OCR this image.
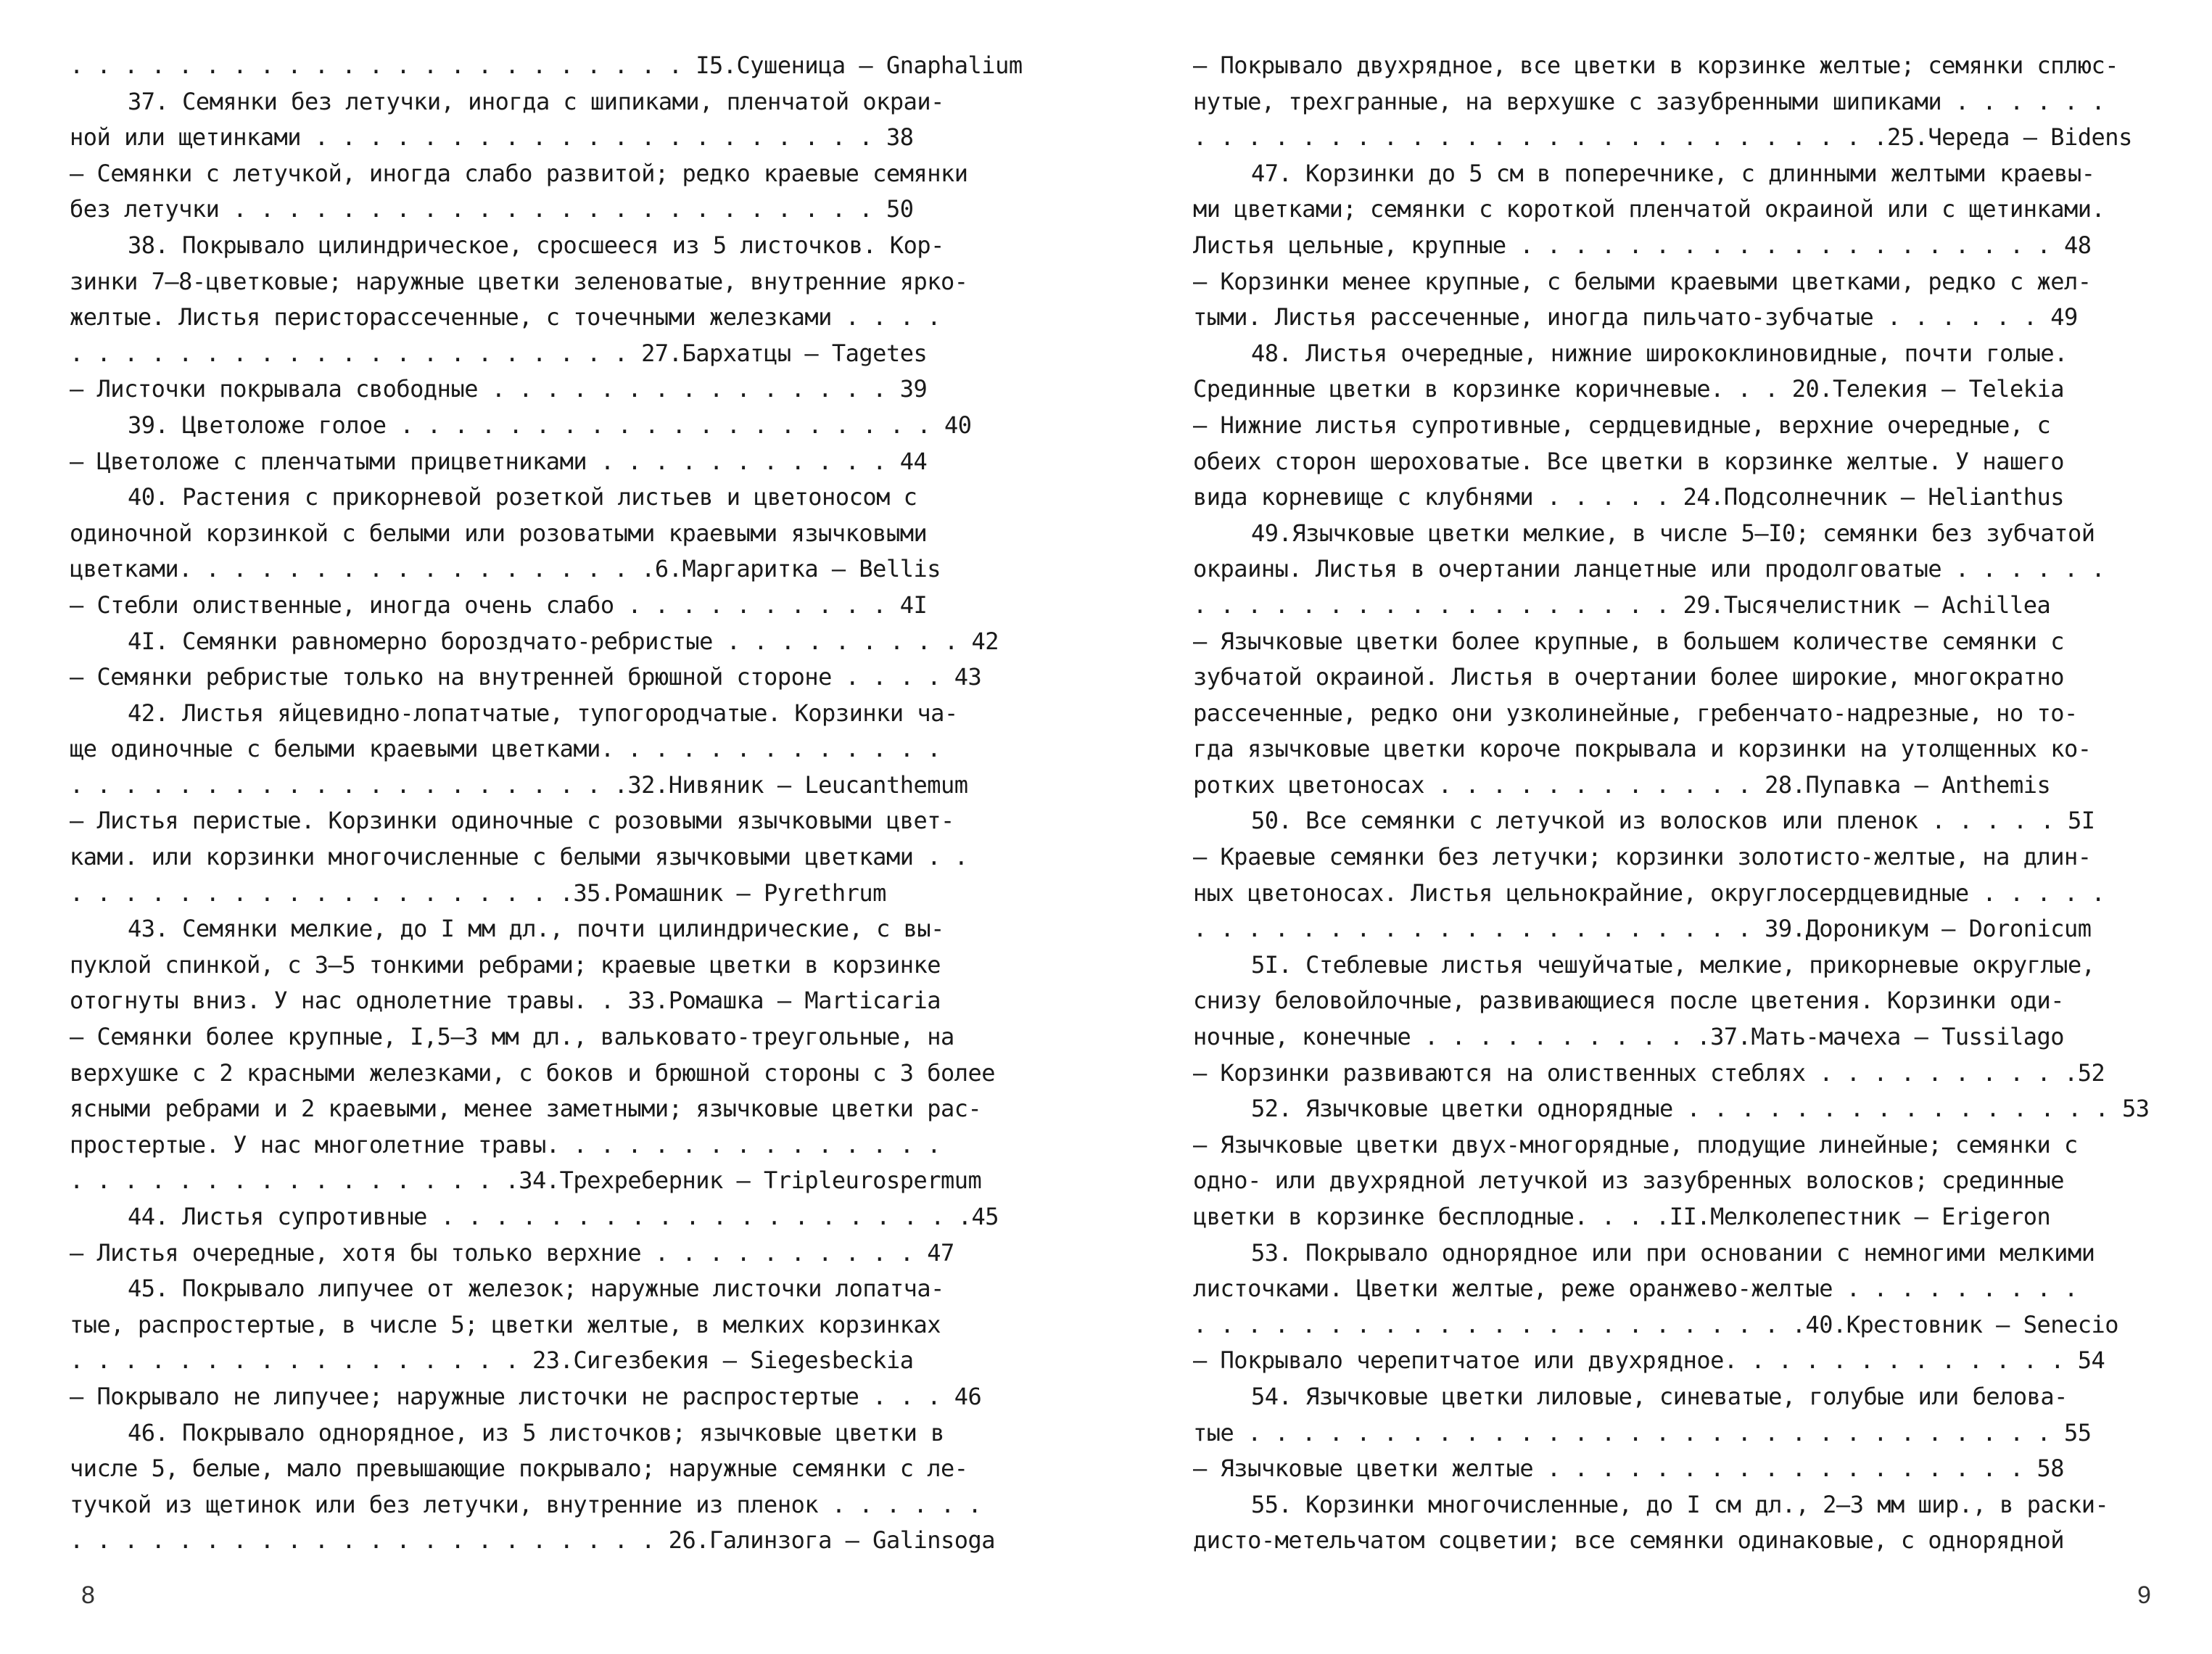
. . . . . . . . . . . . . . . . . . . . . . . I5.Сушеница – Gnaphalium
37. Семянки без летучки, иногда с шипиками, пленчатой окраи-
ной или щетинками . . . . . . . . . . . . . . . . . . . . . 38
– Семянки с летучкой, иногда слабо развитой; редко краевые семянки
без летучки . . . . . . . . . . . . . . . . . . . . . . . . 50
38. Покрывало цилиндрическое, сросшееся из 5 листочков. Кор-
зинки 7–8-цветковые; наружные цветки зеленоватые, внутренние ярко-
желтые. Листья перисторассеченные, с точечными железками . . . .
. . . . . . . . . . . . . . . . . . . . . 27.Бархатцы – Tagetes
– Листочки покрывала свободные . . . . . . . . . . . . . . . 39
39. Цветоложе голое . . . . . . . . . . . . . . . . . . . . 40
– Цветоложе с пленчатыми прицветниками . . . . . . . . . . . 44
40. Растения с прикорневой розеткой листьев и цветоносом с
одиночной корзинкой с белыми или розоватыми краевыми язычковыми
цветками. . . . . . . . . . . . . . . . . .6.Маргаритка – Bellis
– Стебли олиственные, иногда очень слабо . . . . . . . . . . 4I
4I. Семянки равномерно бороздчато-ребристые . . . . . . . . . 42
– Семянки ребристые только на внутренней брюшной стороне . . . . 43
42. Листья яйцевидно-лопатчатые, тупогородчатые. Корзинки ча-
ще одиночные с белыми краевыми цветками. . . . . . . . . . . . .
. . . . . . . . . . . . . . . . . . . . .32.Нивяник – Leucanthemum
– Листья перистые. Корзинки одиночные с розовыми язычковыми цвет-
ками. или корзинки многочисленные с белыми язычковыми цветками . .
. . . . . . . . . . . . . . . . . . .35.Ромашник – Pyrethrum
43. Семянки мелкие, до I мм дл., почти цилиндрические, с вы-
пуклой спинкой, с 3–5 тонкими ребрами; краевые цветки в корзинке
отогнуты вниз. У нас однолетние травы. . 33.Ромашка – Marticaria
– Семянки более крупные, I,5–3 мм дл., вальковато-треугольные, на
верхушке с 2 красными железками, с боков и брюшной стороны с 3 более
ясными ребрами и 2 краевыми, менее заметными; язычковые цветки рас-
простертые. У нас многолетние травы. . . . . . . . . . . . . . .
. . . . . . . . . . . . . . . . .34.Трехреберник – Tripleurospermum
44. Листья супротивные . . . . . . . . . . . . . . . . . . . .45
– Листья очередные, хотя бы только верхние . . . . . . . . . . 47
45. Покрывало липучее от железок; наружные листочки лопатча-
тые, распростертые, в числе 5; цветки желтые, в мелких корзинках
. . . . . . . . . . . . . . . . . 23.Сигезбекия – Siegesbeckia
– Покрывало не липучее; наружные листочки не распростертые . . . 46
46. Покрывало однорядное, из 5 листочков; язычковые цветки в
числе 5, белые, мало превышающие покрывало; наружные семянки с ле-
тучкой из щетинок или без летучки, внутренние из пленок . . . . . .
. . . . . . . . . . . . . . . . . . . . . . 26.Галинзога – Galinsoga
8
– Покрывало двухрядное, все цветки в корзинке желтые; семянки сплюс-
нутые, трехгранные, на верхушке с зазубренными шипиками . . . . . .
. . . . . . . . . . . . . . . . . . . . . . . . . .25.Череда – Bidens
47. Корзинки до 5 см в поперечнике, с длинными желтыми краевы-
ми цветками; семянки с короткой пленчатой окраиной или с щетинками.
Листья цельные, крупные . . . . . . . . . . . . . . . . . . . . 48
– Корзинки менее крупные, с белыми краевыми цветками, редко с жел-
тыми. Листья рассеченные, иногда пильчато-зубчатые . . . . . . 49
48. Листья очередные, нижние ширококлиновидные, почти голые.
Срединные цветки в корзинке коричневые. . . 20.Телекия – Telekia
– Нижние листья супротивные, сердцевидные, верхние очередные, с
обеих сторон шероховатые. Все цветки в корзинке желтые. У нашего
вида корневище с клубнями . . . . . 24.Подсолнечник – Helianthus
49.Язычковые цветки мелкие, в числе 5–I0; семянки без зубчатой
окраины. Листья в очертании ланцетные или продолговатые . . . . . .
. . . . . . . . . . . . . . . . . . 29.Тысячелистник – Achillea
– Язычковые цветки более крупные, в большем количестве семянки с
зубчатой окраиной. Листья в очертании более широкие, многократно
рассеченные, редко они узколинейные, гребенчато-надрезные, но то-
гда язычковые цветки короче покрывала и корзинки на утолщенных ко-
ротких цветоносах . . . . . . . . . . . . 28.Пупавка – Anthemis
50. Все семянки с летучкой из волосков или пленок . . . . . 5I
– Краевые семянки без летучки; корзинки золотисто-желтые, на длин-
ных цветоносах. Листья цельнокрайние, округлосердцевидные . . . . .
. . . . . . . . . . . . . . . . . . . . . 39.Дороникум – Doronicum
5I. Стеблевые листья чешуйчатые, мелкие, прикорневые округлые,
снизу беловойлочные, развивающиеся после цветения. Корзинки оди-
ночные, конечные . . . . . . . . . . .37.Мать-мачеха – Tussilago
– Корзинки развиваются на олиственных стеблях . . . . . . . . . .52
52. Язычковые цветки однорядные . . . . . . . . . . . . . . . . 53
– Язычковые цветки двух-многорядные, плодущие линейные; семянки с
одно- или двухрядной летучкой из зазубренных волосков; срединные
цветки в корзинке бесплодные. . . .II.Мелколепестник – Erigeron
53. Покрывало однорядное или при основании с немногими мелкими
листочками. Цветки желтые, реже оранжево-желтые . . . . . . . . .
. . . . . . . . . . . . . . . . . . . . . . .40.Крестовник – Senecio
– Покрывало черепитчатое или двухрядное. . . . . . . . . . . . . 54
54. Язычковые цветки лиловые, синеватые, голубые или белова-
тые . . . . . . . . . . . . . . . . . . . . . . . . . . . . . . 55
– Язычковые цветки желтые . . . . . . . . . . . . . . . . . . 58
55. Корзинки многочисленные, до I см дл., 2–3 мм шир., в раски-
дисто-метельчатом соцветии; все семянки одинаковые, с однорядной
9
